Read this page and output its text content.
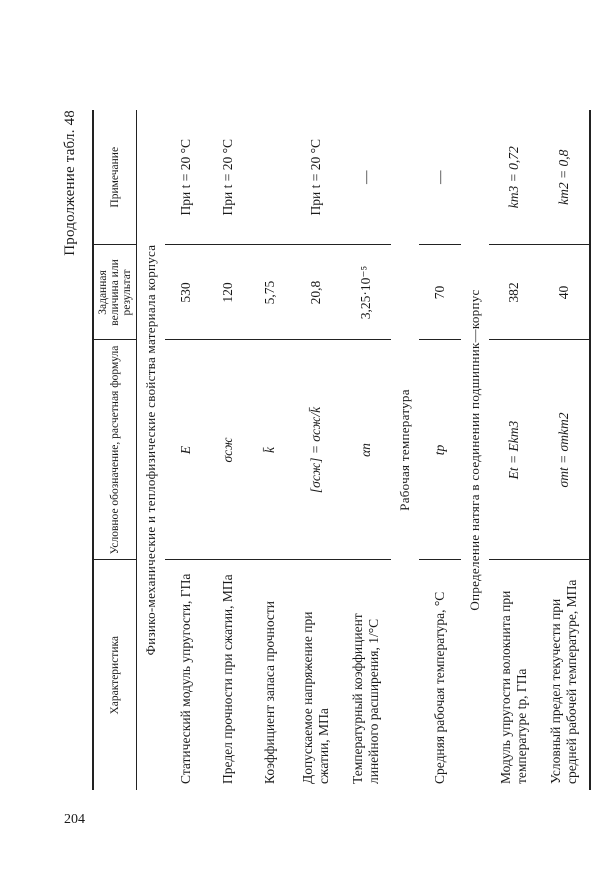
204
Продолжение табл. 48
Характеристика	Условное обозначение, расчетная формула	Заданная величина или результат	Примечание
Физико-механические и теплофизические свойства материала корпуса			
Статический модуль упругости, ГПа	E	530	При t = 20 °С
Предел прочности при сжатии, МПа	σсж	120	При t = 20 °С
Коэффициент запаса прочности	k̄	5,75	
Допускаемое напряжение при сжатии, МПа	[σсж] = σсж/k̄	20,8	При t = 20 °С
Температурный коэффициент линейного расширения, 1/°С	αп	3,25·10⁻⁵	—
Рабочая температура			
Средняя рабочая температура, °С	tр	70	—
Определение натяга в соединении подшипник—корпус			
Модуль упругости волокнита при температуре tр, ГПа	Et = Ekт3	382	kт3 = 0,72
Условный предел текучести при средней рабочей температуре, МПа	σтt = σтkт2	40	kт2 = 0,8
